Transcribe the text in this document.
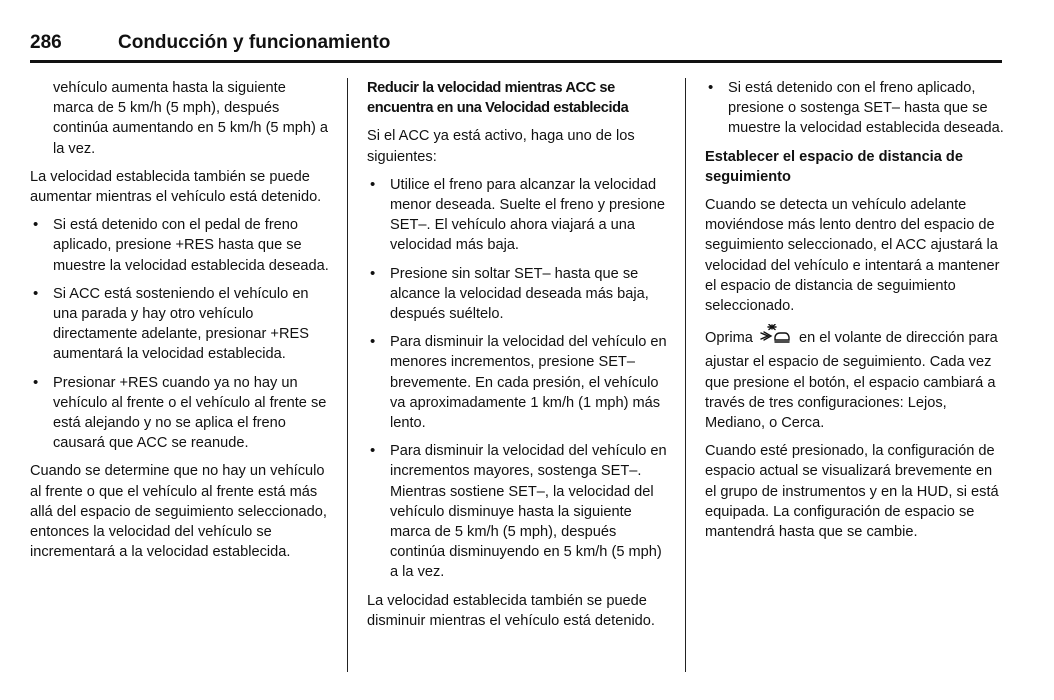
286	Conducción y funcionamiento

vehículo aumenta hasta la siguiente marca de 5 km/h (5 mph), después continúa aumentando en 5 km/h (5 mph) a la vez.

La velocidad establecida también se puede aumentar mientras el vehículo está detenido.

• Si está detenido con el pedal de freno aplicado, presione +RES hasta que se muestre la velocidad establecida deseada.
• Si ACC está sosteniendo el vehículo en una parada y hay otro vehículo directamente adelante, presionar +RES aumentará la velocidad establecida.
• Presionar +RES cuando ya no hay un vehículo al frente o el vehículo al frente se está alejando y no se aplica el freno causará que ACC se reanude.

Cuando se determine que no hay un vehículo al frente o que el vehículo al frente está más allá del espacio de seguimiento seleccionado, entonces la velocidad del vehículo se incrementará a la velocidad establecida.

Reducir la velocidad mientras ACC se encuentra en una Velocidad establecida

Si el ACC ya está activo, haga uno de los siguientes:

• Utilice el freno para alcanzar la velocidad menor deseada. Suelte el freno y presione SET–. El vehículo ahora viajará a una velocidad más baja.
• Presione sin soltar SET– hasta que se alcance la velocidad deseada más baja, después suéltelo.
• Para disminuir la velocidad del vehículo en menores incrementos, presione SET– brevemente. En cada presión, el vehículo va aproximadamente 1 km/h (1 mph) más lento.
• Para disminuir la velocidad del vehículo en incrementos mayores, sostenga SET–. Mientras sostiene SET–, la velocidad del vehículo disminuye hasta la siguiente marca de 5 km/h (5 mph), después continúa disminuyendo en 5 km/h (5 mph) a la vez.

La velocidad establecida también se puede disminuir mientras el vehículo está detenido.

• Si está detenido con el freno aplicado, presione o sostenga SET– hasta que se muestre la velocidad establecida deseada.
Establecer el espacio de distancia de seguimiento

Cuando se detecta un vehículo adelante moviéndose más lento dentro del espacio de seguimiento seleccionado, el ACC ajustará la velocidad del vehículo e intentará a mantener el espacio de distancia de seguimiento seleccionado.

Oprima	en el volante de dirección para ajustar el espacio de seguimiento. Cada vez que presione el botón, el espacio cambiará a través de tres configuraciones: Lejos, Mediano, o Cerca.

Cuando esté presionado, la configuración de espacio actual se visualizará brevemente en el grupo de instrumentos y en la HUD, si está equipada. La configuración de espacio se mantendrá hasta que se cambie.
